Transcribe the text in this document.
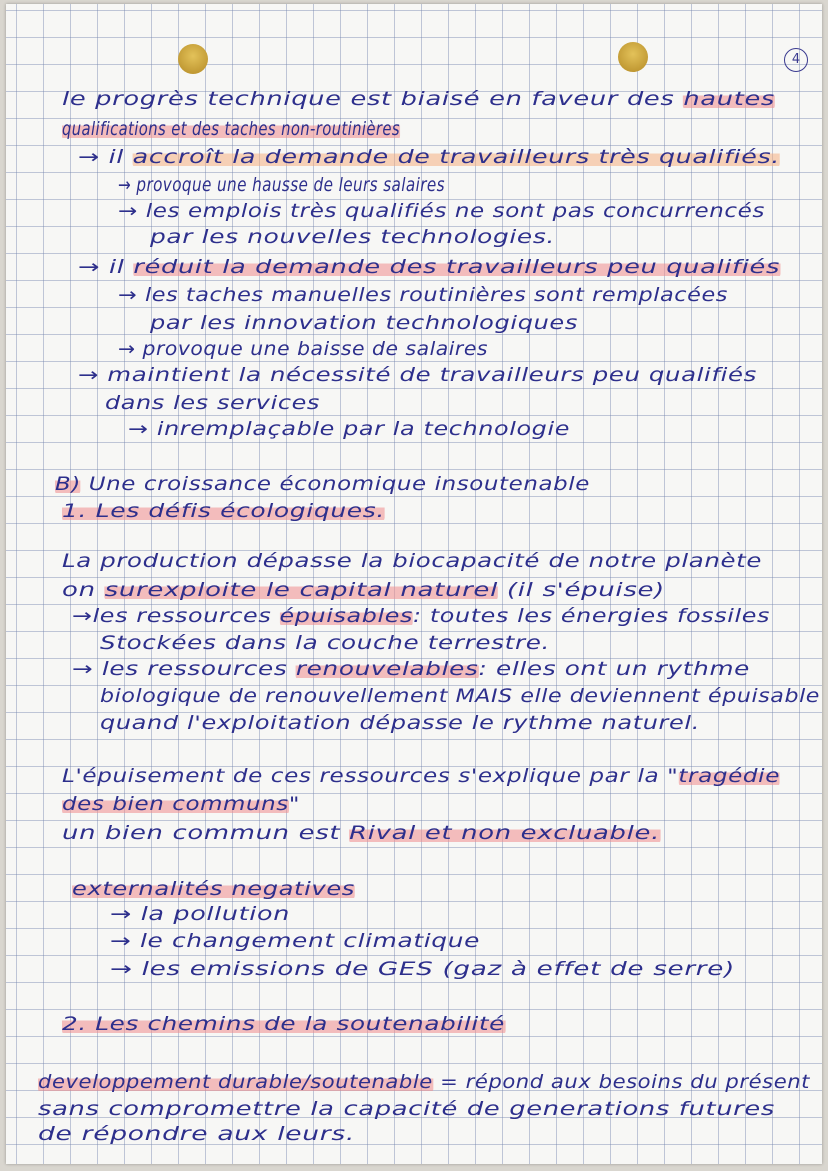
4
le progrès technique est biaisé en faveur des hautes
qualifications et des taches non-routinières
→ il accroît la demande de travailleurs très qualifiés.
→ provoque une hausse de leurs salaires
→ les emplois très qualifiés ne sont pas concurrencés
par les nouvelles technologies.
→ il réduit la demande des travailleurs peu qualifiés
→ les taches manuelles routinières sont remplacées
par les innovation technologiques
→ provoque une baisse de salaires
→ maintient la nécessité de travailleurs peu qualifiés
dans les services
→ inremplaçable par la technologie
B) Une croissance économique insoutenable
1. Les défis écologiques.
La production dépasse la biocapacité de notre planète
on surexploite le capital naturel (il s'épuise)
→les ressources épuisables: toutes les énergies fossiles
Stockées dans la couche terrestre.
→ les ressources renouvelables: elles ont un rythme
biologique de renouvellement MAIS elle deviennent épuisable
quand l'exploitation dépasse le rythme naturel.
L'épuisement de ces ressources s'explique par la "tragédie
des bien communs"
un bien commun est Rival et non excluable.
externalités negatives
→ la pollution
→ le changement climatique
→ les emissions de GES (gaz à effet de serre)
2. Les chemins de la soutenabilité
developpement durable/soutenable = répond aux besoins du présent
sans compromettre la capacité de generations futures
de répondre aux leurs.
